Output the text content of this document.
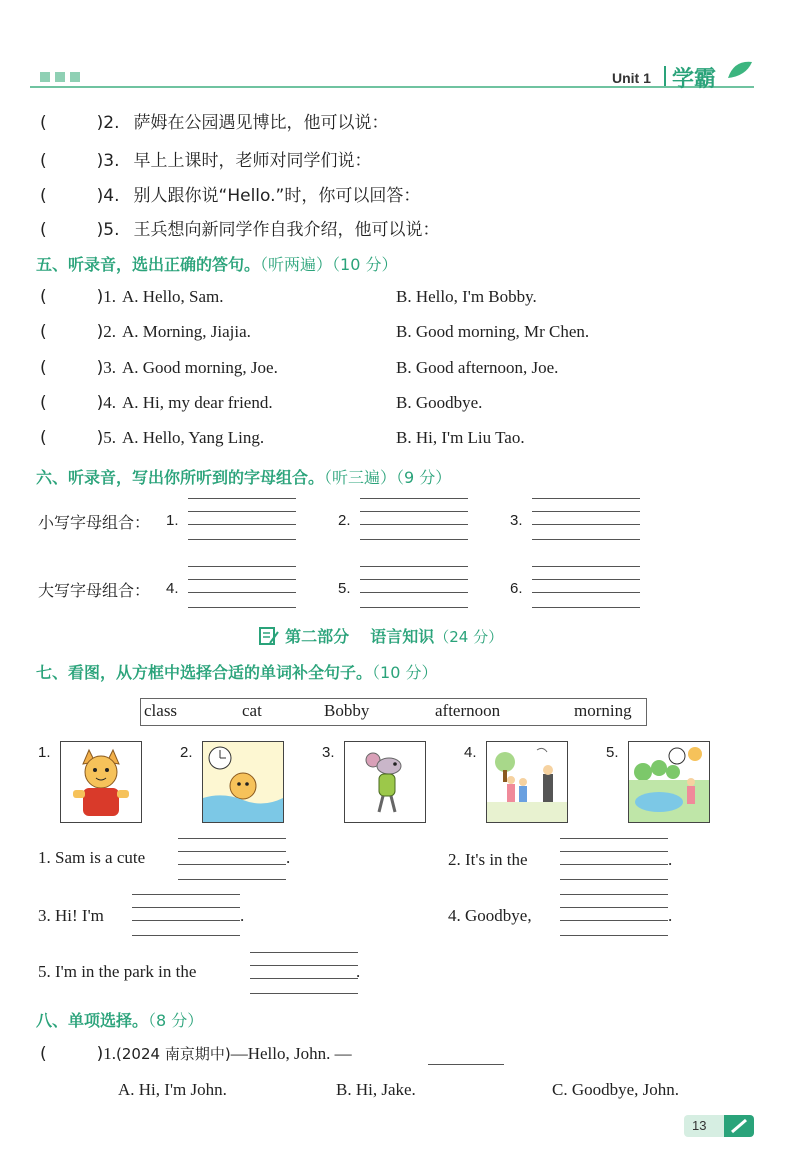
Unit 1 学霸
(	)2. 萨姆在公园遇见博比，他可以说：
(	)3. 早上上课时，老师对同学们说：
(	)4. 别人跟你说“Hello.”时，你可以回答：
(	)5. 王兵想向新同学作自我介绍，他可以说：
五、听录音，选出正确的答句。（听两遍）（10 分）
(	)1. A. Hello, Sam.	B. Hello, I'm Bobby.
(	)2. A. Morning, Jiajia.	B. Good morning, Mr Chen.
(	)3. A. Good morning, Joe.	B. Good afternoon, Joe.
(	)4. A. Hi, my dear friend.	B. Goodbye.
(	)5. A. Hello, Yang Ling.	B. Hi, I'm Liu Tao.
六、听录音，写出你所听到的字母组合。（听三遍）（9 分）
小写字母组合：
大写字母组合：
1.	2.	3.
4.	5.	6.
第二部分 语言知识（24 分）
七、看图，从方框中选择合适的单词补全句子。（10 分）
class	cat	Bobby	afternoon	morning
1.	2.	3.	4.	5.
1. Sam is a cute	.	2. It's in the	.
3. Hi! I'm	.	4. Goodbye,	.
5. I'm in the park in the	.
八、单项选择。（8 分）
(	)1.(2024 南京期中)—Hello, John. —
A. Hi, I'm John.	B. Hi, Jake.	C. Goodbye, John.
13
